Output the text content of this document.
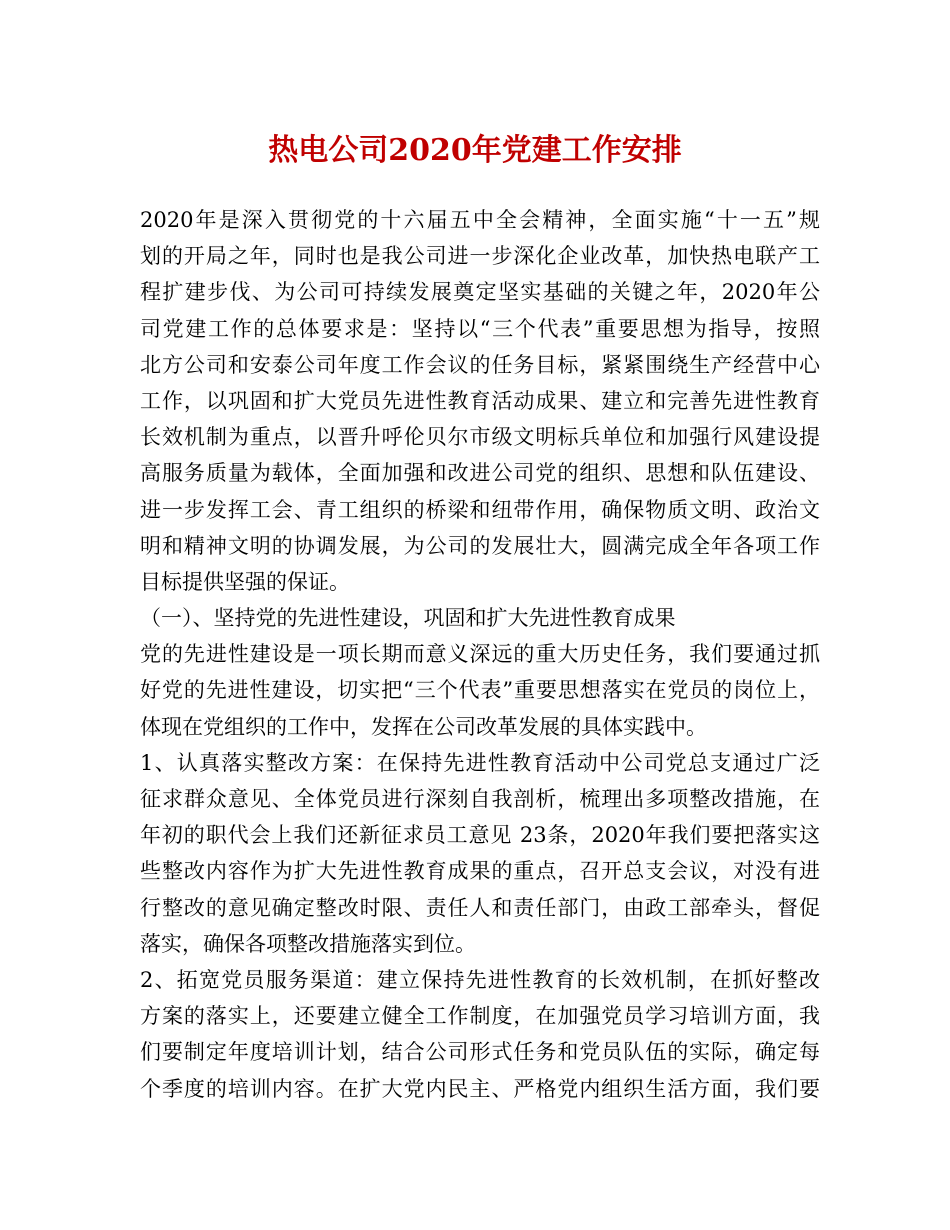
热电公司2020年党建工作安排
2020年是深入贯彻党的十六届五中全会精神，全面实施“十一五”规
划的开局之年，同时也是我公司进一步深化企业改革，加快热电联产工
程扩建步伐、为公司可持续发展奠定坚实基础的关键之年，2020年公
司党建工作的总体要求是：坚持以“三个代表”重要思想为指导，按照
北方公司和安泰公司年度工作会议的任务目标，紧紧围绕生产经营中心
工作，以巩固和扩大党员先进性教育活动成果、建立和完善先进性教育
长效机制为重点，以晋升呼伦贝尔市级文明标兵单位和加强行风建设提
高服务质量为载体，全面加强和改进公司党的组织、思想和队伍建设、
进一步发挥工会、青工组织的桥梁和纽带作用，确保物质文明、政治文
明和精神文明的协调发展，为公司的发展壮大，圆满完成全年各项工作
目标提供坚强的保证。
（一）、坚持党的先进性建设，巩固和扩大先进性教育成果
党的先进性建设是一项长期而意义深远的重大历史任务，我们要通过抓
好党的先进性建设，切实把“三个代表”重要思想落实在党员的岗位上，
体现在党组织的工作中，发挥在公司改革发展的具体实践中。
1、认真落实整改方案：在保持先进性教育活动中公司党总支通过广泛
征求群众意见、全体党员进行深刻自我剖析，梳理出多项整改措施，在
年初的职代会上我们还新征求员工意见 23条，2020年我们要把落实这
些整改内容作为扩大先进性教育成果的重点，召开总支会议，对没有进
行整改的意见确定整改时限、责任人和责任部门，由政工部牵头，督促
落实，确保各项整改措施落实到位。
2、拓宽党员服务渠道：建立保持先进性教育的长效机制，在抓好整改
方案的落实上，还要建立健全工作制度，在加强党员学习培训方面，我
们要制定年度培训计划，结合公司形式任务和党员队伍的实际，确定每
个季度的培训内容。在扩大党内民主、严格党内组织生活方面，我们要
